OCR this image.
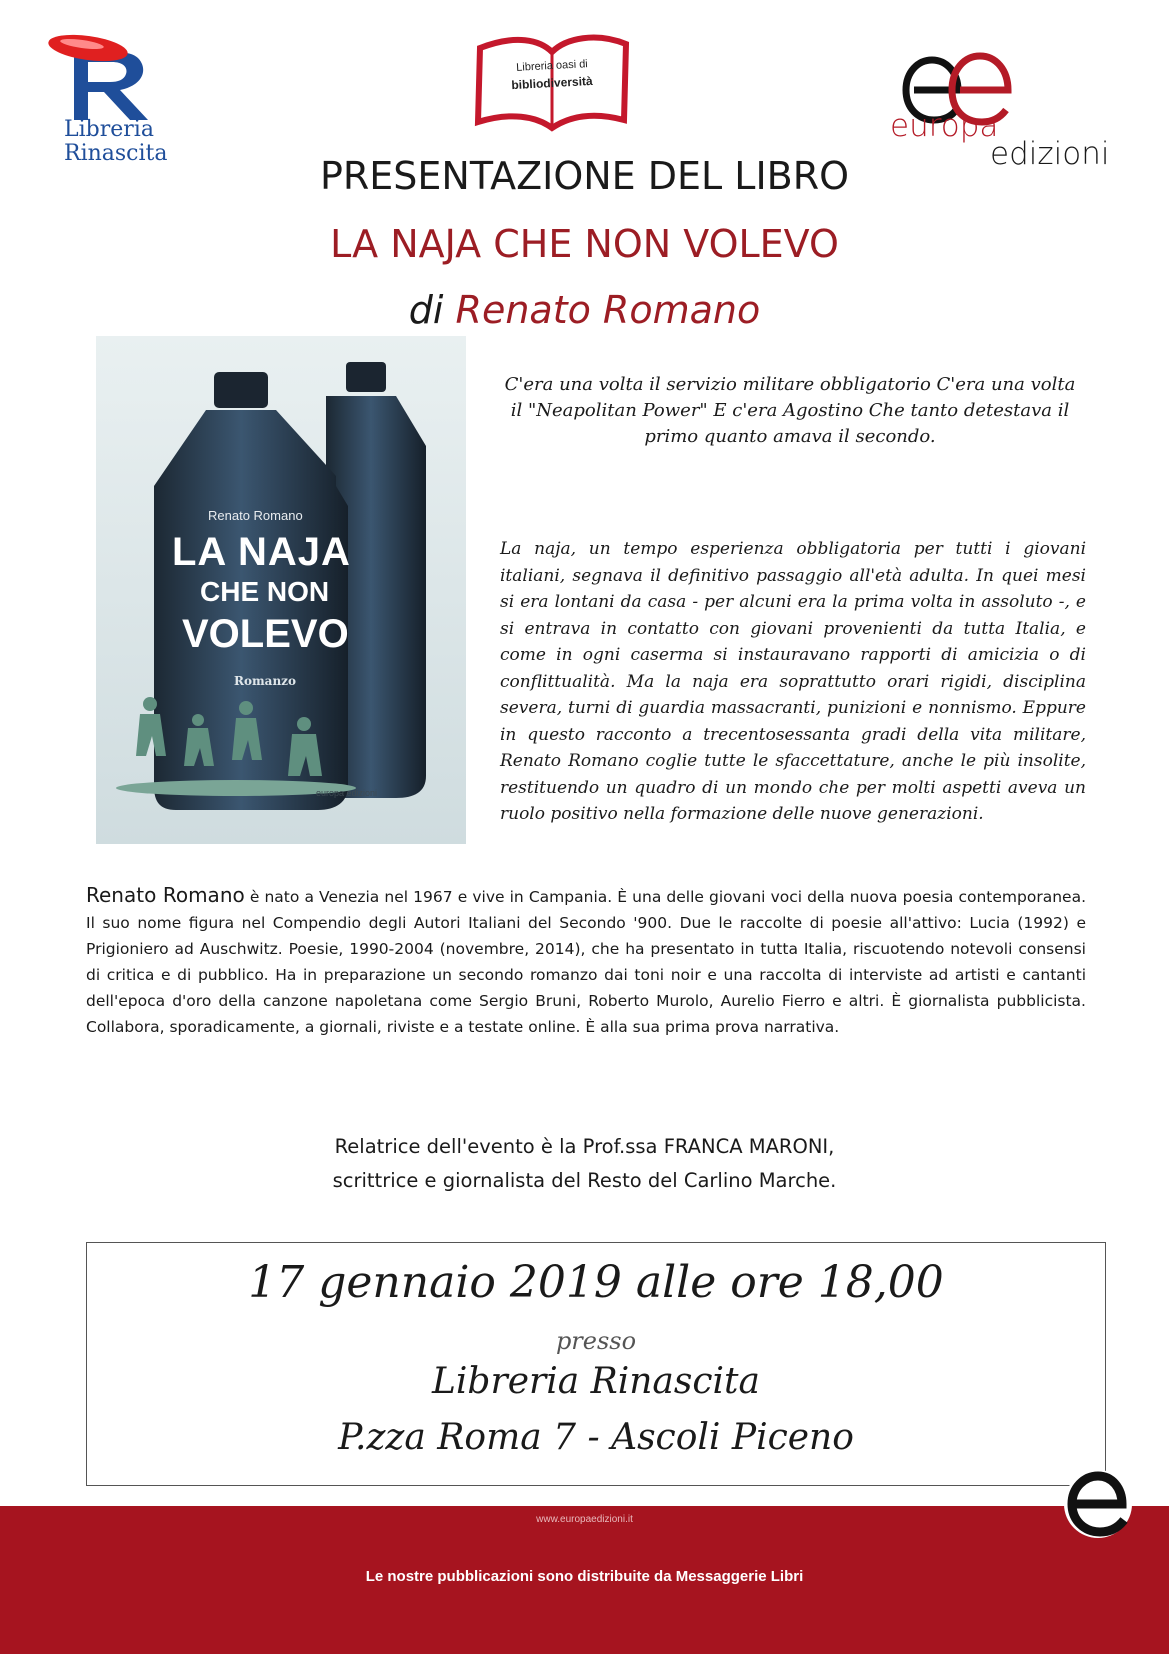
Libreria
Rinascita
Libreria oasi di
bibliodiversità
europa
edizioni
PRESENTAZIONE DEL LIBRO
LA NAJA CHE NON VOLEVO
di Renato Romano
Renato Romano
LA NAJA
CHE NON
VOLEVO
Romanzo
europa edizioni
C'era una volta il servizio militare obbligatorio C'era una volta il "Neapolitan Power" E c'era Agostino Che tanto detestava il primo quanto amava il secondo.
La naja, un tempo esperienza obbligatoria per tutti i giovani italiani, segnava il definitivo passaggio all'età adulta. In quei mesi si era lontani da casa - per alcuni era la prima volta in assoluto -, e si entrava in contatto con giovani provenienti da tutta Italia, e come in ogni caserma si instauravano rapporti di amicizia o di conflittualità. Ma la naja era soprattutto orari rigidi, disciplina severa, turni di guardia massacranti, punizioni e nonnismo. Eppure in questo racconto a trecentosessanta gradi della vita militare, Renato Romano coglie tutte le sfaccettature, anche le più insolite, restituendo un quadro di un mondo che per molti aspetti aveva un ruolo positivo nella formazione delle nuove generazioni.
Renato Romano è nato a Venezia nel 1967 e vive in Campania. È una delle giovani voci della nuova poesia contemporanea. Il suo nome figura nel Compendio degli Autori Italiani del Secondo '900. Due le raccolte di poesie all'attivo: Lucia (1992) e Prigioniero ad Auschwitz. Poesie, 1990-2004 (novembre, 2014), che ha presentato in tutta Italia, riscuotendo notevoli consensi di critica e di pubblico. Ha in preparazione un secondo romanzo dai toni noir e una raccolta di interviste ad artisti e cantanti dell'epoca d'oro della canzone napoletana come Sergio Bruni, Roberto Murolo, Aurelio Fierro e altri. È giornalista pubblicista. Collabora, sporadicamente, a giornali, riviste e a testate online. È alla sua prima prova narrativa.
Relatrice dell'evento è la Prof.ssa FRANCA MARONI,
scrittrice e giornalista del Resto del Carlino Marche.
17 gennaio 2019 alle ore 18,00
presso
Libreria Rinascita
P.zza Roma 7 - Ascoli Piceno
www.europaedizioni.it
Le nostre pubblicazioni sono distribuite da Messaggerie Libri
